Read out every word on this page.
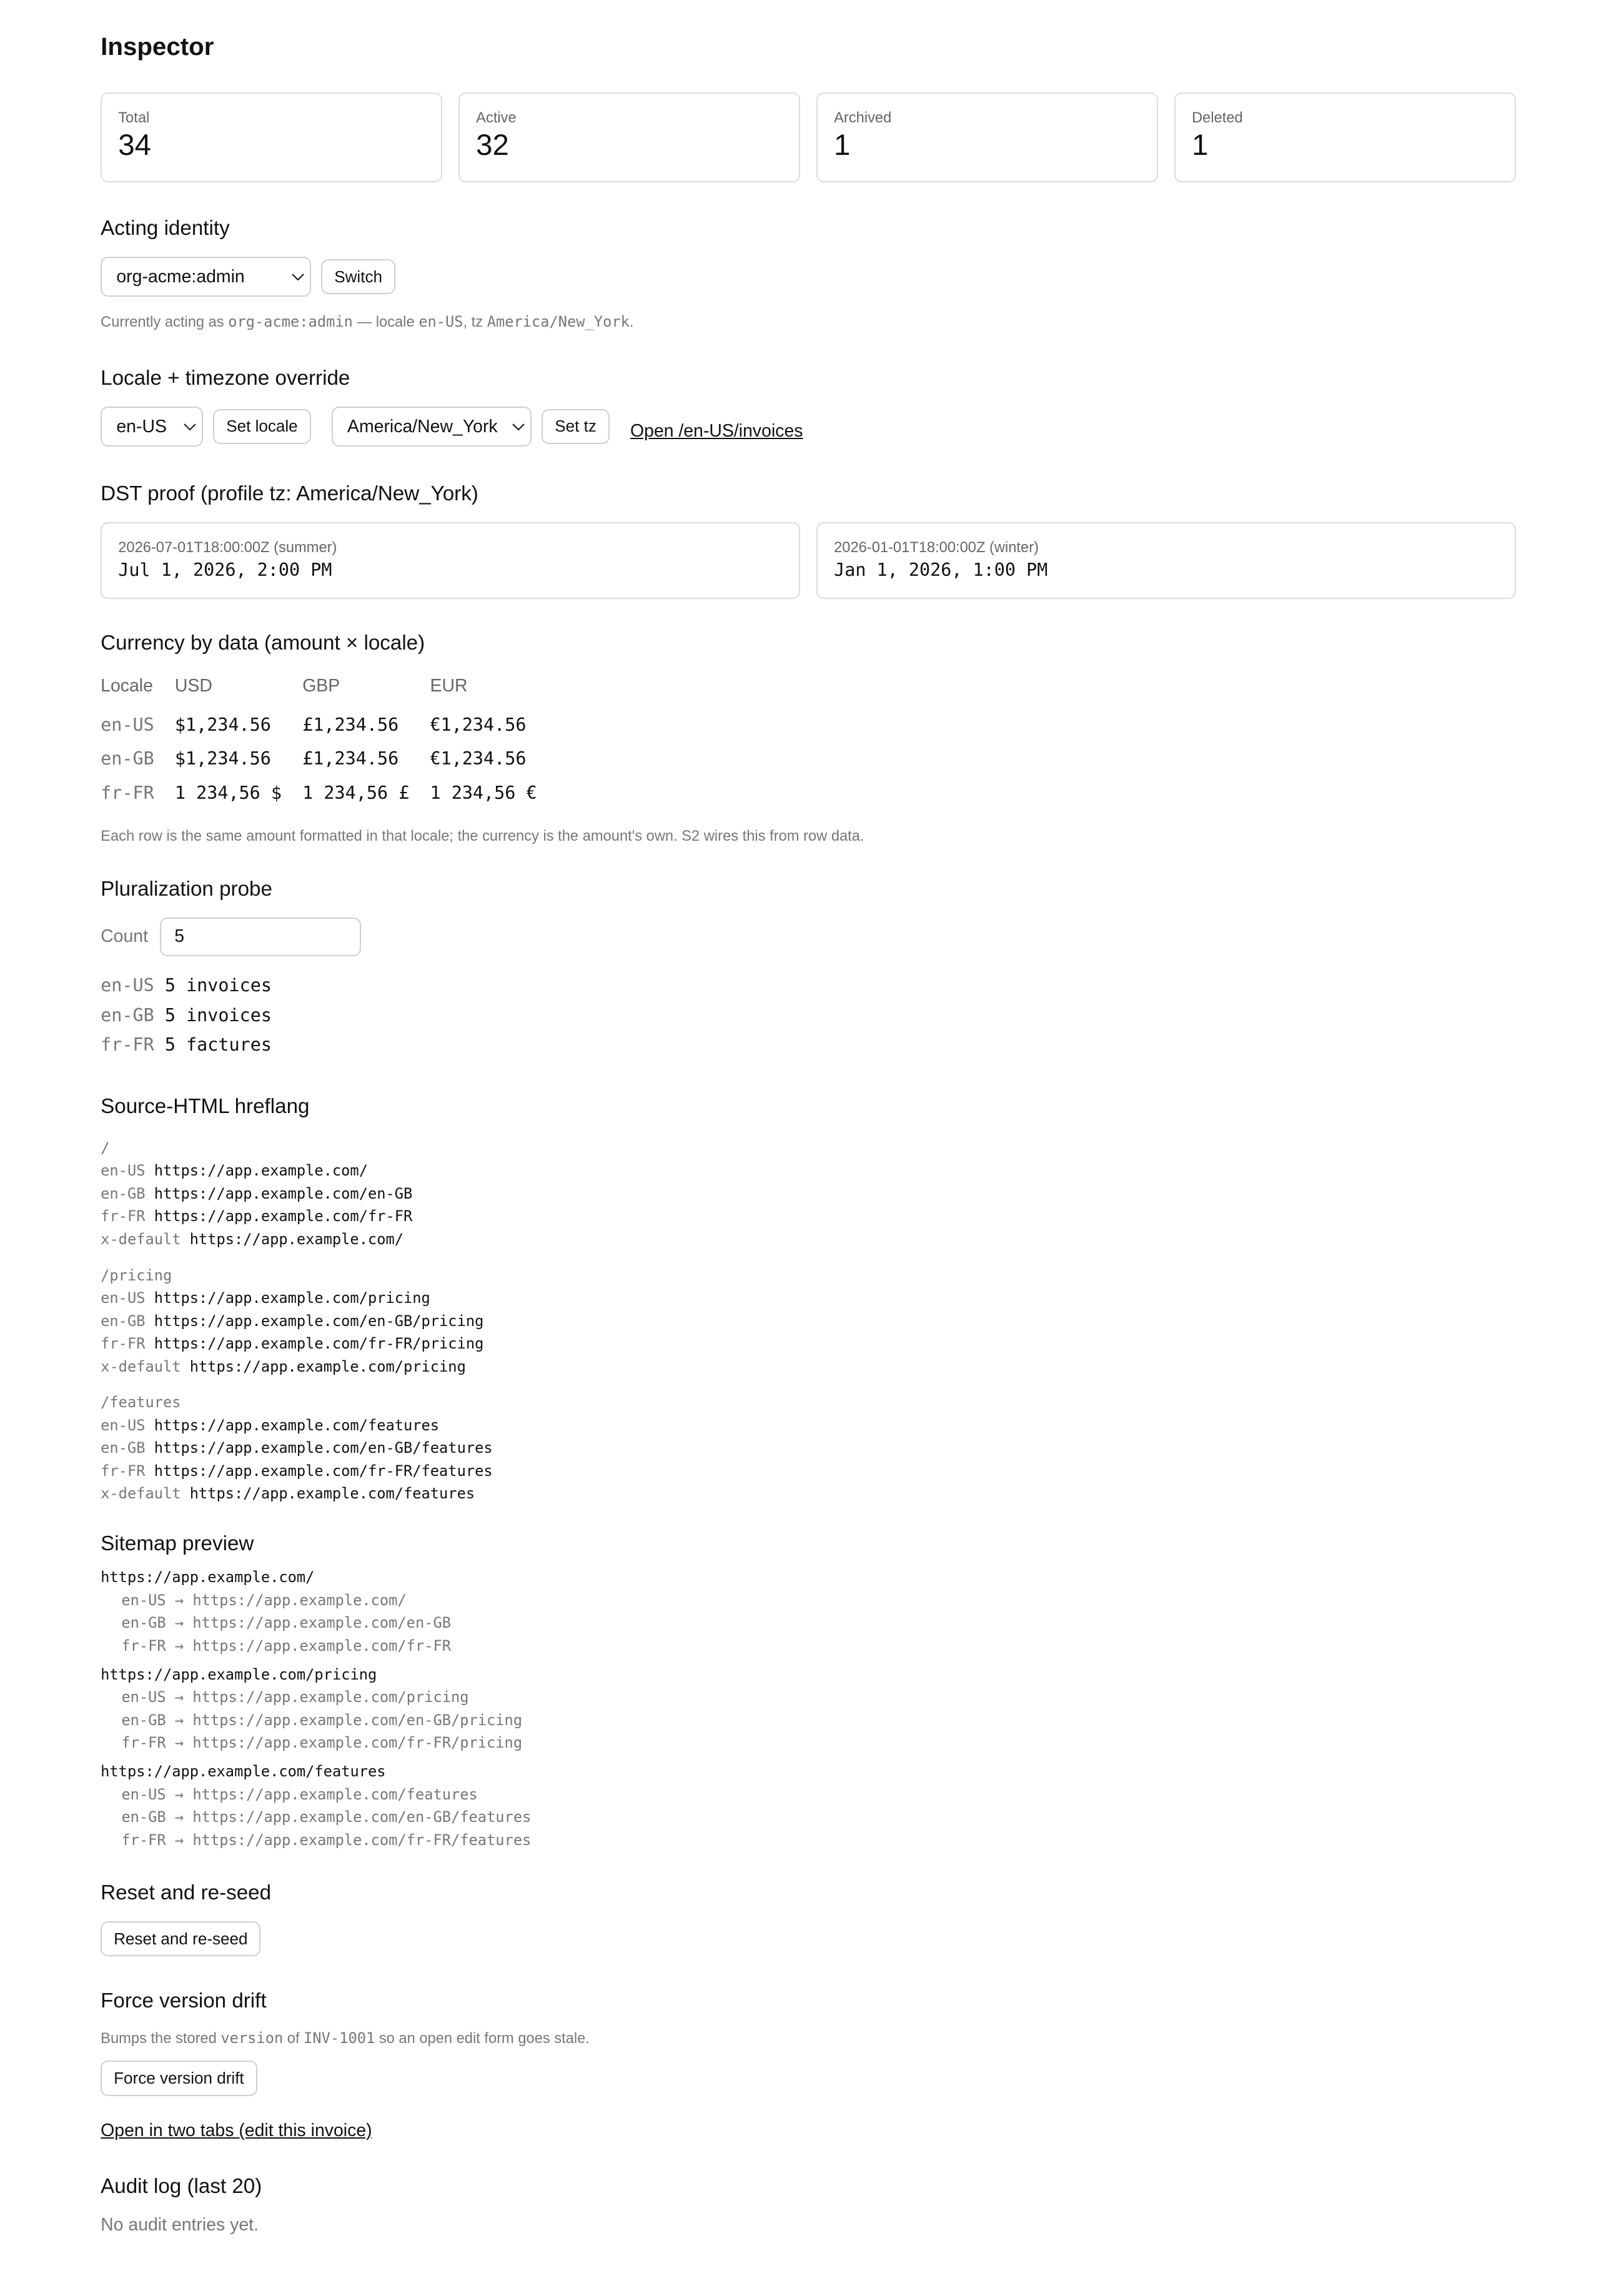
Inspector
Total
34
Active
32
Archived
1
Deleted
1
Acting identity
org-acme:admin
Switch
Currently acting as org-acme:admin — locale en-US, tz America/New_York.
Locale + timezone override
en-US
Set locale
America/New_York	Set tz	Open /en-US/invoices
DST proof (profile tz: America/New_York)
2026-07-01T18:00:00Z (summer)
Jul 1, 2026, 2:00 PM
2026-01-01T18:00:00Z (winter)
Jan 1, 2026, 1:00 PM
Currency by data (amount × locale)
Locale	USD	GBP	EUR
en-US	$1,234.56	£1,234.56	€1,234.56
en-GB	$1,234.56	£1,234.56	€1,234.56
fr-FR	1 234,56 $	1 234,56 £	1 234,56 €
Each row is the same amount formatted in that locale; the currency is the amount's own. S2 wires this from row data.
Pluralization probe
Count
5
en-US 5 invoices
en-GB 5 invoices
fr-FR 5 factures
Source-HTML hreflang
/
en-US https://app.example.com/
en-GB https://app.example.com/en-GB
fr-FR https://app.example.com/fr-FR
x-default https://app.example.com/
/pricing
en-US https://app.example.com/pricing
en-GB https://app.example.com/en-GB/pricing
fr-FR https://app.example.com/fr-FR/pricing
x-default https://app.example.com/pricing
/features
en-US https://app.example.com/features
en-GB https://app.example.com/en-GB/features
fr-FR https://app.example.com/fr-FR/features
x-default https://app.example.com/features
Sitemap preview
https://app.example.com/
en-US → https://app.example.com/
en-GB → https://app.example.com/en-GB
fr-FR → https://app.example.com/fr-FR
https://app.example.com/pricing
en-US → https://app.example.com/pricing
en-GB → https://app.example.com/en-GB/pricing
fr-FR → https://app.example.com/fr-FR/pricing
https://app.example.com/features
en-US → https://app.example.com/features
en-GB → https://app.example.com/en-GB/features
fr-FR → https://app.example.com/fr-FR/features
Reset and re-seed
Reset and re-seed
Force version drift
Bumps the stored version of INV-1001 so an open edit form goes stale.
Force version drift
Open in two tabs (edit this invoice)
Audit log (last 20)
No audit entries yet.
